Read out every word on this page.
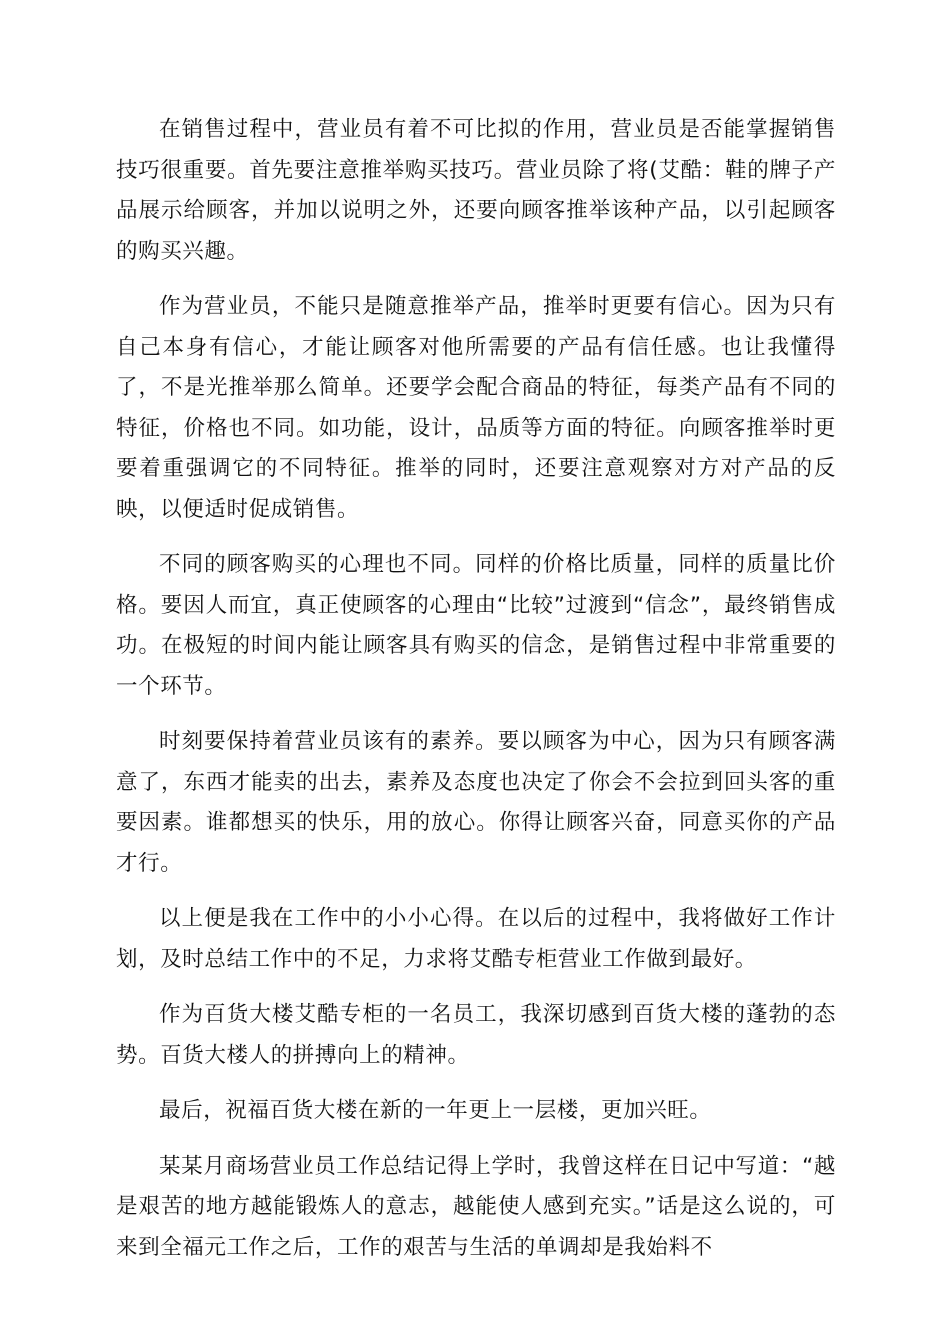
在销售过程中，营业员有着不可比拟的作用，营业员是否能掌握销售技巧很重要。首先要注意推举购买技巧。营业员除了将(艾酷：鞋的牌子产品展示给顾客，并加以说明之外，还要向顾客推举该种产品，以引起顾客的购买兴趣。

作为营业员，不能只是随意推举产品，推举时更要有信心。因为只有自己本身有信心，才能让顾客对他所需要的产品有信任感。也让我懂得了，不是光推举那么简单。还要学会配合商品的特征，每类产品有不同的特征，价格也不同。如功能，设计，品质等方面的特征。向顾客推举时更要着重强调它的不同特征。推举的同时，还要注意观察对方对产品的反映，以便适时促成销售。

不同的顾客购买的心理也不同。同样的价格比质量，同样的质量比价格。要因人而宜，真正使顾客的心理由“比较”过渡到“信念”，最终销售成功。在极短的时间内能让顾客具有购买的信念，是销售过程中非常重要的一个环节。

时刻要保持着营业员该有的素养。要以顾客为中心，因为只有顾客满意了，东西才能卖的出去，素养及态度也决定了你会不会拉到回头客的重要因素。谁都想买的快乐，用的放心。你得让顾客兴奋，同意买你的产品才行。

以上便是我在工作中的小小心得。在以后的过程中，我将做好工作计划，及时总结工作中的不足，力求将艾酷专柜营业工作做到最好。

作为百货大楼艾酷专柜的一名员工，我深切感到百货大楼的蓬勃的态势。百货大楼人的拼搏向上的精神。

最后，祝福百货大楼在新的一年更上一层楼，更加兴旺。

某某月商场营业员工作总结记得上学时，我曾这样在日记中写道：“越是艰苦的地方越能锻炼人的意志，越能使人感到充实。”话是这么说的，可来到全福元工作之后，工作的艰苦与生活的单调却是我始料不
